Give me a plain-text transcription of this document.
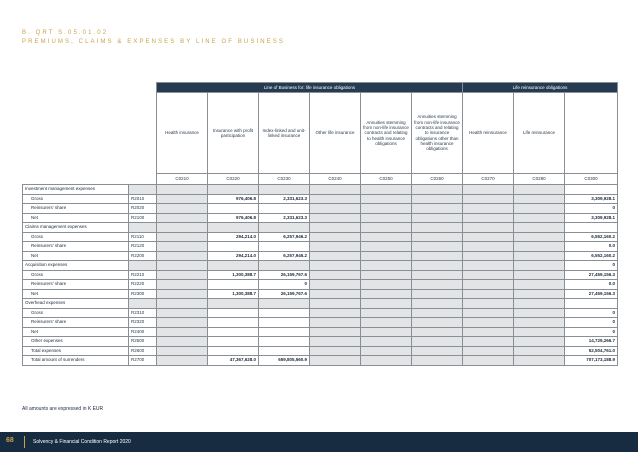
B. QRT S.05.01.02
PREMIUMS, CLAIMS & EXPENSES BY LINE OF BUSINESS
		Line of Business for: life insurance obligations						Life reinsurance obligations		
		Health insurance	Insurance with profit participation	Index-linked and unit-linked insurance	Other life insurance	Annuities stemming from non-life insurance contracts and relating to health insurance obligations	Annuities stemming from non-life insurance contracts and relating to insurance obligations other than health insurance obligations	Health reinsurance	Life reinsurance	
		C0210	C0220	C0230	C0240	C0250	C0260	C0270	C0280	C0300
Investment management expenses										
Gross	R2010		976,406.8	2,331,623.3						3,309,928.1
Reinsurers' share	R2020									0
Net	R2100		976,406.8	2,331,623.3						3,309,928.1
Claims management expenses										
Gross	R2110		294,214.0	6,257,946.2						6,552,160.2
Reinsurers' share	R2120									0.0
Net	R2200		294,214.0	6,257,946.2						6,552,160.2
Acquisition expenses										0
Gross	R2210		1,300,388.7	26,159,767.6						27,459,156.3
Reinsurers' share	R2220			0						0.0
Net	R2300		1,300,388.7	26,159,767.6						27,459,156.3
Overhead expenses										
Gross	R2310									0
Reinsurers' share	R2320									0
Net	R2400									0
Other expenses	R2500									14,729,266.7
Total expenses	R2600									52,504,761.0
Total amount of surrenders	R2700		47,367,628.0	659,805,560.9						707,173,188.9
All amounts are expressed in K EUR
68	Solvency & Financial Condition Report 2020
